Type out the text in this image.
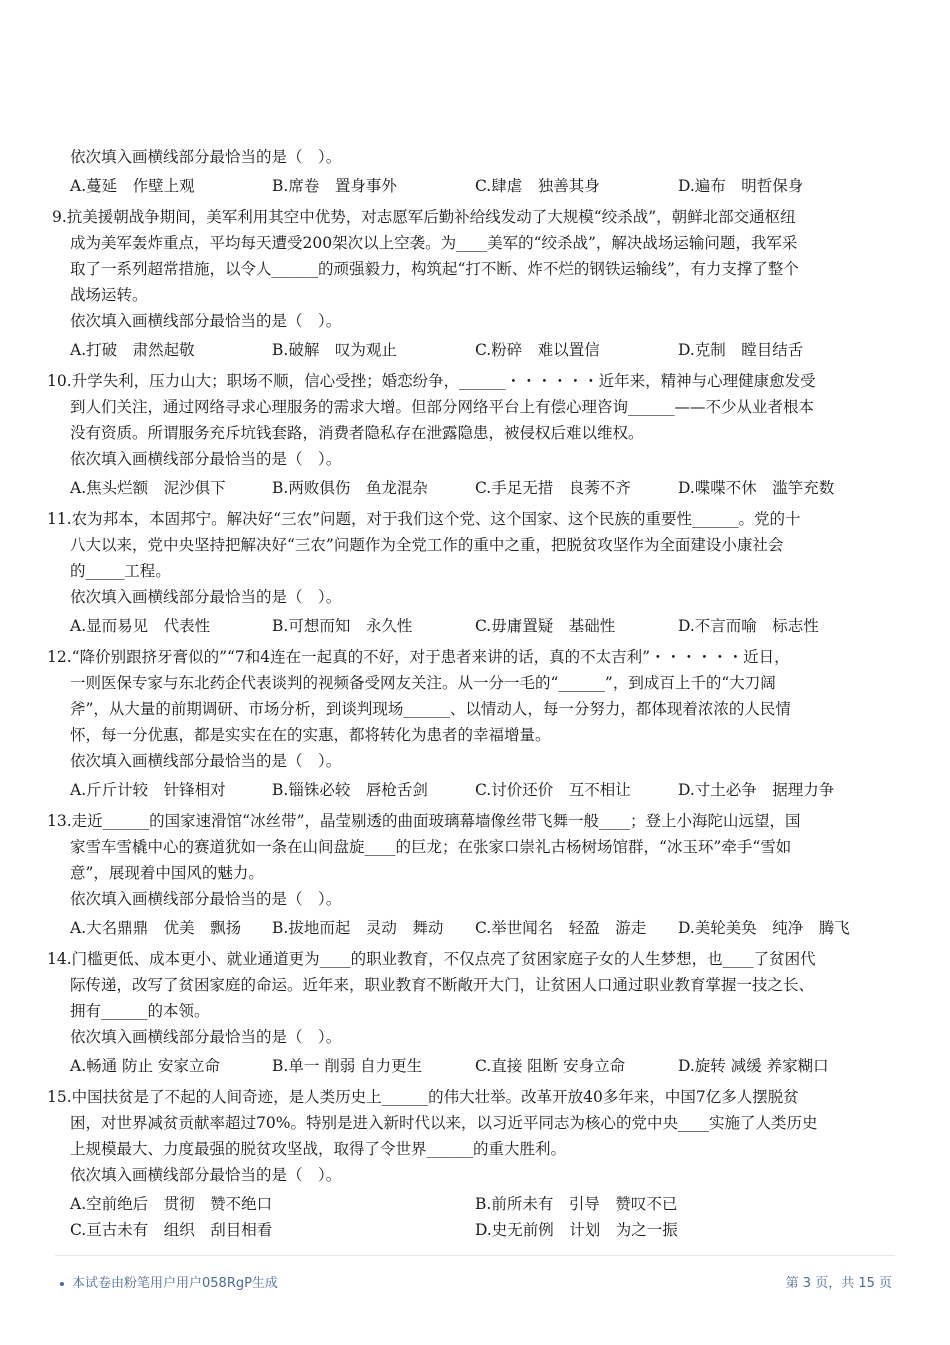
依次填入画横线部分最恰当的是（　）。
A.蔓延　作壁上观	B.席卷　置身事外	C.肆虐　独善其身	D.遍布　明哲保身
9.抗美援朝战争期间，美军利用其空中优势，对志愿军后勤补给线发动了大规模“绞杀战”，朝鲜北部交通枢纽
成为美军轰炸重点，平均每天遭受200架次以上空袭。为____美军的“绞杀战”，解决战场运输问题，我军采
取了一系列超常措施，以令人______的顽强毅力，构筑起“打不断、炸不烂的钢铁运输线”，有力支撑了整个
战场运转。
依次填入画横线部分最恰当的是（　）。
A.打破　肃然起敬	B.破解　叹为观止	C.粉碎　难以置信	D.克制　瞠目结舌
10.升学失利，压力山大；职场不顺，信心受挫；婚恋纷争，______・・・・・・近年来，精神与心理健康愈发受
到人们关注，通过网络寻求心理服务的需求大增。但部分网络平台上有偿心理咨询______——不少从业者根本
没有资质。所谓服务充斥坑钱套路，消费者隐私存在泄露隐患，被侵权后难以维权。
依次填入画横线部分最恰当的是（　）。
A.焦头烂额　泥沙俱下	B.两败俱伤　鱼龙混杂	C.手足无措　良莠不齐	D.喋喋不休　滥竽充数
11.农为邦本，本固邦宁。解决好“三农”问题，对于我们这个党、这个国家、这个民族的重要性______。党的十
八大以来，党中央坚持把解决好“三农”问题作为全党工作的重中之重，把脱贫攻坚作为全面建设小康社会
的_____工程。
依次填入画横线部分最恰当的是（　）。
A.显而易见　代表性	B.可想而知　永久性	C.毋庸置疑　基础性	D.不言而喻　标志性
12.“降价别跟挤牙膏似的”“7和4连在一起真的不好，对于患者来讲的话，真的不太吉利”・・・・・・近日，
一则医保专家与东北药企代表谈判的视频备受网友关注。从一分一毛的“______”，到成百上千的“大刀阔
斧”，从大量的前期调研、市场分析，到谈判现场______、以情动人，每一分努力，都体现着浓浓的人民情
怀，每一分优惠，都是实实在在的实惠，都将转化为患者的幸福增量。
依次填入画横线部分最恰当的是（　）。
A.斤斤计较　针锋相对	B.锱铢必较　唇枪舌剑	C.讨价还价　互不相让	D.寸土必争　据理力争
13.走近______的国家速滑馆“冰丝带”，晶莹剔透的曲面玻璃幕墙像丝带飞舞一般____；登上小海陀山远望，国
家雪车雪橇中心的赛道犹如一条在山间盘旋____的巨龙；在张家口崇礼古杨树场馆群，“冰玉环”牵手“雪如
意”，展现着中国风的魅力。
依次填入画横线部分最恰当的是（　）。
A.大名鼎鼎　优美　飘扬 B.拔地而起　灵动　舞动 C.举世闻名　轻盈　游走 D.美轮美奂　纯净　腾飞
14.门槛更低、成本更小、就业通道更为____的职业教育，不仅点亮了贫困家庭子女的人生梦想，也____了贫困代
际传递，改写了贫困家庭的命运。近年来，职业教育不断敞开大门，让贫困人口通过职业教育掌握一技之长、
拥有______的本领。
依次填入画横线部分最恰当的是（　）。
A.畅通 防止 安家立命	B.单一 削弱 自力更生	C.直接 阻断 安身立命	D.旋转 减缓 养家糊口
15.中国扶贫是了不起的人间奇迹，是人类历史上______的伟大壮举。改革开放40多年来，中国7亿多人摆脱贫
困，对世界减贫贡献率超过70%。特别是进入新时代以来，以习近平同志为核心的党中央____实施了人类历史
上规模最大、力度最强的脱贫攻坚战，取得了令世界______的重大胜利。
依次填入画横线部分最恰当的是（　）。
A.空前绝后　贯彻　赞不绝口	B.前所未有　引导　赞叹不已
C.亘古未有　组织　刮目相看	D.史无前例　计划　为之一振
本试卷由粉笔用户用户058RgP生成	第 3 页，共 15 页
